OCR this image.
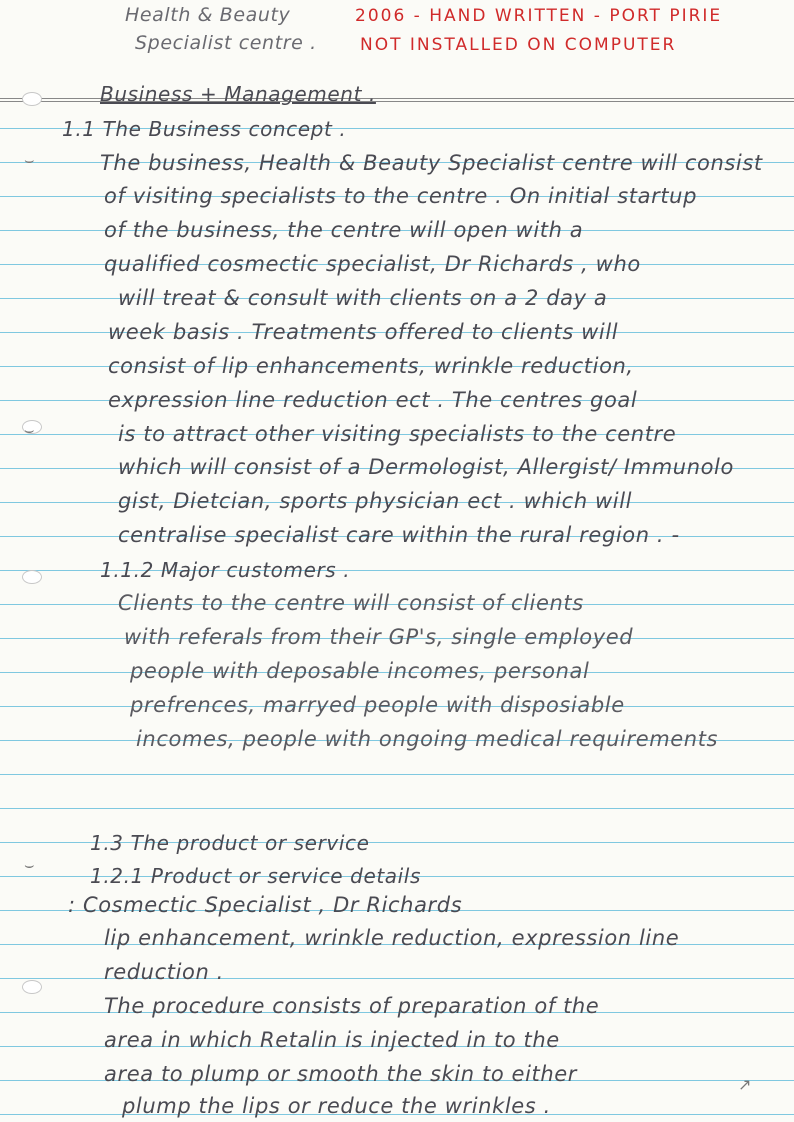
⌣
⌣
⌣
↗
Health & Beauty
Specialist centre .
2006 - HAND WRITTEN - PORT PIRIE
NOT INSTALLED ON COMPUTER
Business + Management .
1.1 The Business concept .
The business, Health & Beauty Specialist centre will consist
of visiting specialists to the centre . On initial startup
of the business, the centre will open with a
qualified cosmectic specialist, Dr Richards , who
will treat & consult with clients on a 2 day a
week basis . Treatments offered to clients will
consist of lip enhancements, wrinkle reduction,
expression line reduction ect . The centres goal
is to attract other visiting specialists to the centre
which will consist of a Dermologist, Allergist/ Immunolo
gist, Dietcian, sports physician ect . which will
centralise specialist care within the rural region . -
1.1.2 Major customers .
Clients to the centre will consist of clients
with referals from their GP's, single employed
people with deposable incomes, personal
prefrences, marryed people with disposiable
incomes, people with ongoing medical requirements
1.3 The product or service
1.2.1 Product or service details
: Cosmectic Specialist , Dr Richards
lip enhancement, wrinkle reduction, expression line
reduction .
The procedure consists of preparation of the
area in which Retalin is injected in to the
area to plump or smooth the skin to either
plump the lips or reduce the wrinkles .
